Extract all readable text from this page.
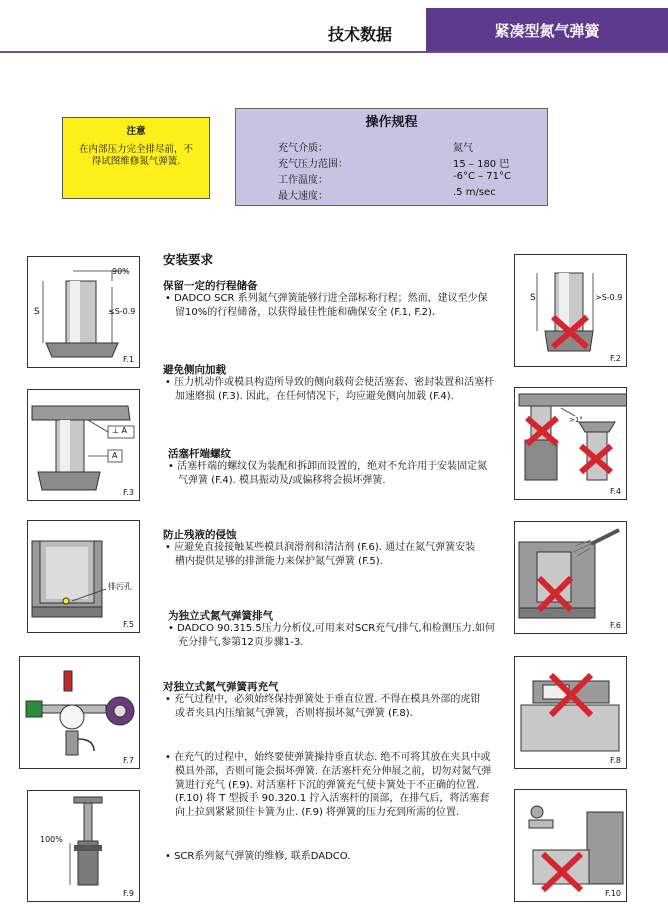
技术数据	紧凑型氮气弹簧
注意
在内部压力完全排尽前，不得试图维修氮气弹簧.
操作规程
充气介质：	氮气
充气压力范围：	15 – 180 巴
工作温度：	-6°C – 71°C
最大速度：	.5 m/sec
安装要求
保留一定的行程储备
• DADCO SCR 系列氮气弹簧能够行进全部标称行程；然而，建议至少保留10%的行程储备，以获得最佳性能和确保安全 (F.1, F.2).
避免侧向加载
• 压力机动作或模具构造所导致的侧向载荷会使活塞套、密封装置和活塞杆加速磨损 (F.3). 因此，在任何情况下，均应避免侧向加载 (F.4).
活塞杆端螺纹
• 活塞杆端的螺纹仅为装配和拆卸而设置的，绝对不允许用于安装固定氮气弹簧 (F.4). 模具振动及/或偏移将会损坏弹簧.
防止残液的侵蚀
• 应避免直接接触某些模具润滑剂和清洁剂 (F.6). 通过在氮气弹簧安装槽内提供足够的排泄能力来保护氮气弹簧 (F.5).
为独立式氮气弹簧排气
• DADCO 90.315.5压力分析仪,可用来对SCR充气/排气,和检测压力.如何充分排气,参第12页步骤1-3.
对独立式氮气弹簧再充气
• 充气过程中，必须始终保持弹簧处于垂直位置. 不得在模具外部的虎钳或者夹具内压缩氮气弹簧，否则将损坏氮气弹簧 (F.8).
• 在充气的过程中，始终要使弹簧操持垂直状态. 绝不可将其放在夹具中或模具外部，否则可能会损坏弹簧. 在活塞杆充分伸展之前，切勿对氮气弹簧进行充气 (F.9). 对活塞杆下沉的弹簧充气使卡簧处于不正确的位置. (F.10) 将 T 型扳手 90.320.1 拧入活塞杆的顶部，在排气后，将活塞套向上拉到紧紧顶住卡簧为止. (F.9) 将弹簧的压力充到所需的位置.
• SCR系列氮气弹簧的维修, 联系DADCO.
90%
S	≤S-0.9
F.1
S	>S-0.9
F.2
⊥ A
A
F.3
>1°
F.4
排污孔
F.5	F.6
F.7	F.8
100%
F.9	F.10
